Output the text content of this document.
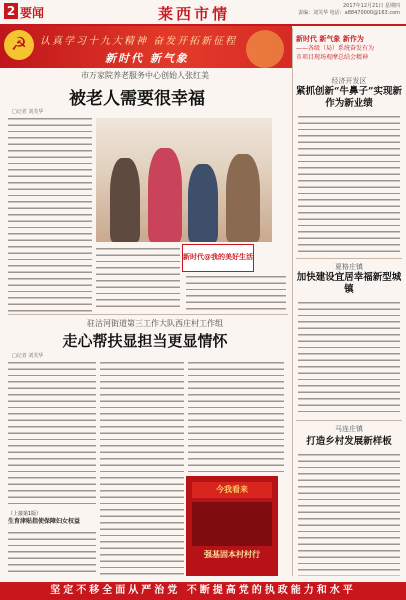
2 要闻	莱西市情	2017年12月21日 星期四
责编：刘芙华 电话：a88470000@163.com
☭	认真学习十九大精神 奋发开拓新征程
新时代 新气象
新时代 新气象 新作为
——各级（局）系统奋发有为
市项目现场观摩总结会精神
市万家院养老服务中心创始人张红美
被老人需要很幸福
□记者 刘芙华
新时代@我的美好生活
驻沽河街道第三工作大队西庄村工作组
走心帮扶显担当更显情怀
□记者 刘芙华
（上接第1版）
生育津贴指使保障妇女权益
今我看来
强基固本村村行
经济开发区
紧抓创新“牛鼻子”实现新作为新业绩
夏格庄镇
加快建设宜居幸福新型城镇
马连庄镇
打造乡村发展新样板
坚定不移全面从严治党 不断提高党的执政能力和水平
